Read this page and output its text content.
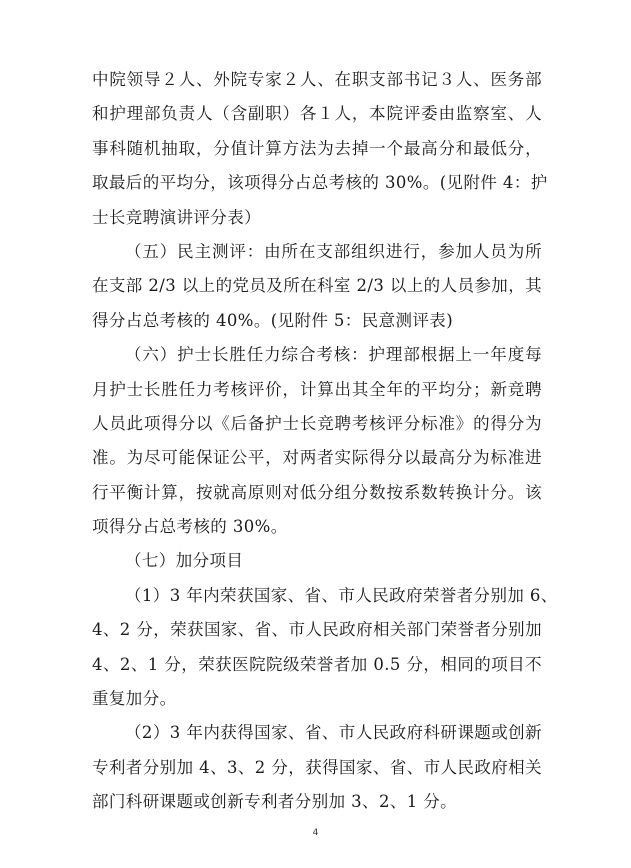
中院领导２人、外院专家２人、在职支部书记３人、医务部
和护理部负责人（含副职）各１人，本院评委由监察室、人
事科随机抽取，分值计算方法为去掉一个最高分和最低分，
取最后的平均分，该项得分占总考核的 30%。(见附件 4：护
士长竞聘演讲评分表）
（五）民主测评：由所在支部组织进行，参加人员为所
在支部 2/3 以上的党员及所在科室 2/3 以上的人员参加，其
得分占总考核的 40%。(见附件 5：民意测评表)
（六）护士长胜任力综合考核：护理部根据上一年度每
月护士长胜任力考核评价，计算出其全年的平均分；新竞聘
人员此项得分以《后备护士长竞聘考核评分标准》的得分为
准。为尽可能保证公平，对两者实际得分以最高分为标准进
行平衡计算，按就高原则对低分组分数按系数转换计分。该
项得分占总考核的 30%。
（七）加分项目
（1）3 年内荣获国家、省、市人民政府荣誉者分别加 6、
4、2 分，荣获国家、省、市人民政府相关部门荣誉者分别加
4、2、1 分，荣获医院院级荣誉者加 0.5 分，相同的项目不
重复加分。
（2）3 年内获得国家、省、市人民政府科研课题或创新
专利者分别加 4、3、2 分，获得国家、省、市人民政府相关
部门科研课题或创新专利者分别加 3、2、1 分。
4
